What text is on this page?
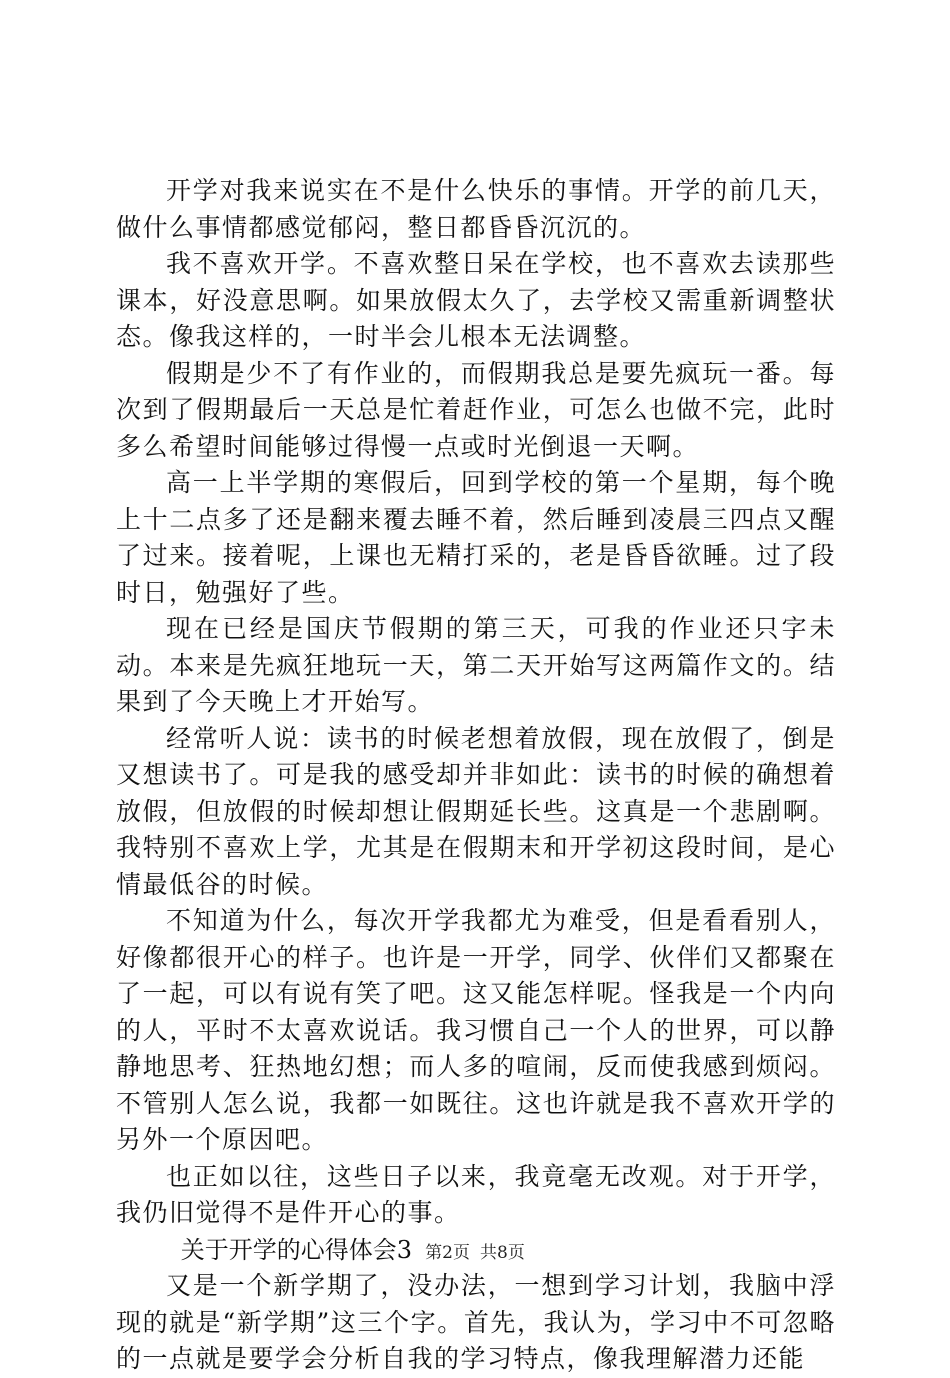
开学对我来说实在不是什么快乐的事情。开学的前几天，做什么事情都感觉郁闷，整日都昏昏沉沉的。

我不喜欢开学。不喜欢整日呆在学校，也不喜欢去读那些课本，好没意思啊。如果放假太久了，去学校又需重新调整状态。像我这样的，一时半会儿根本无法调整。

假期是少不了有作业的，而假期我总是要先疯玩一番。每次到了假期最后一天总是忙着赶作业，可怎么也做不完，此时多么希望时间能够过得慢一点或时光倒退一天啊。

高一上半学期的寒假后，回到学校的第一个星期，每个晚上十二点多了还是翻来覆去睡不着，然后睡到凌晨三四点又醒了过来。接着呢，上课也无精打采的，老是昏昏欲睡。过了段时日，勉强好了些。

现在已经是国庆节假期的第三天，可我的作业还只字未动。本来是先疯狂地玩一天，第二天开始写这两篇作文的。结果到了今天晚上才开始写。

经常听人说：读书的时候老想着放假，现在放假了，倒是又想读书了。可是我的感受却并非如此：读书的时候的确想着放假，但放假的时候却想让假期延长些。这真是一个悲剧啊。我特别不喜欢上学，尤其是在假期末和开学初这段时间，是心情最低谷的时候。

不知道为什么，每次开学我都尤为难受，但是看看别人，好像都很开心的样子。也许是一开学，同学、伙伴们又都聚在了一起，可以有说有笑了吧。这又能怎样呢。怪我是一个内向的人，平时不太喜欢说话。我习惯自己一个人的世界，可以静静地思考、狂热地幻想；而人多的喧闹，反而使我感到烦闷。不管别人怎么说，我都一如既往。这也许就是我不喜欢开学的另外一个原因吧。

也正如以往，这些日子以来，我竟毫无改观。对于开学，我仍旧觉得不是件开心的事。

关于开学的心得体会3

又是一个新学期了，没办法，一想到学习计划，我脑中浮现的就是“新学期”这三个字。首先，我认为，学习中不可忽略的一点就是要学会分析自我的学习特点，像我理解潜力还能

第2页 共8页
